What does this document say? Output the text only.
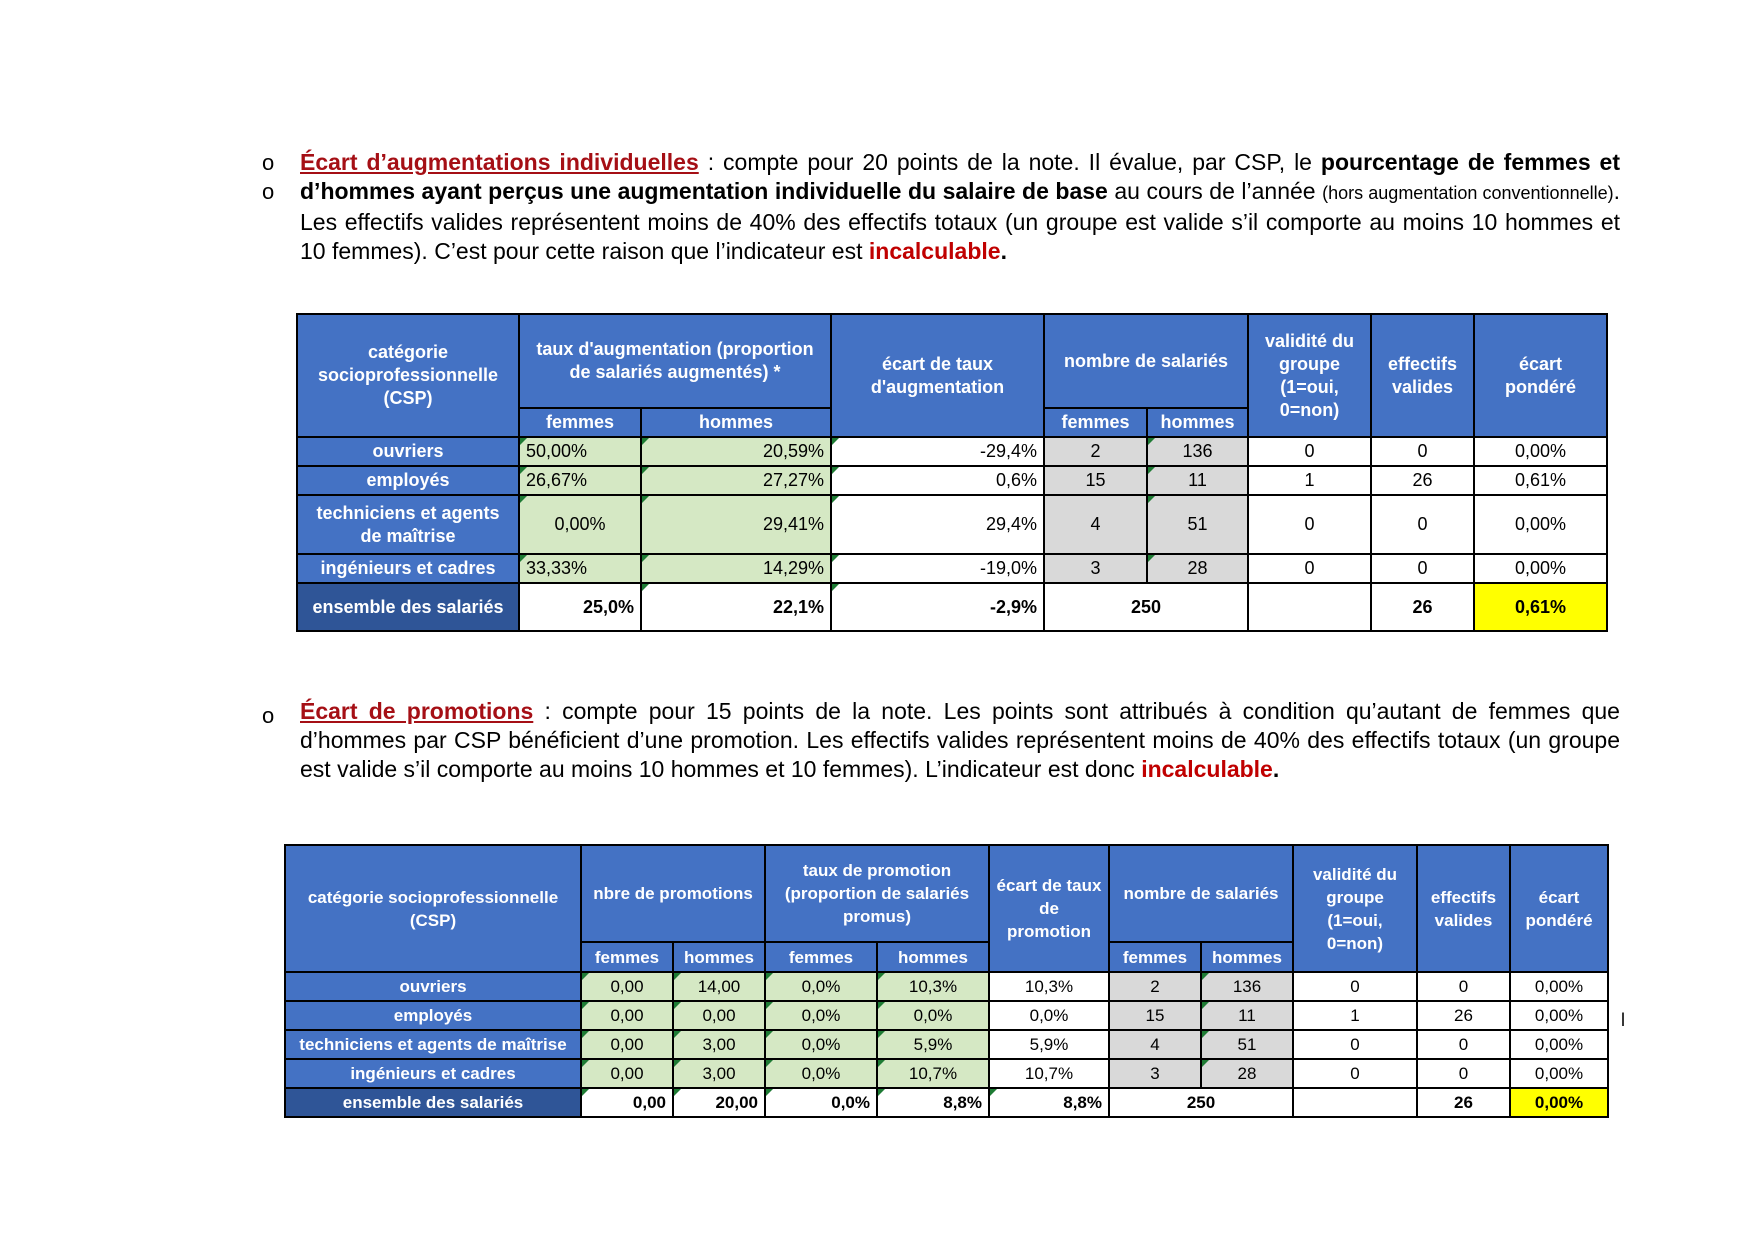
o
o
Écart d’augmentations individuelles : compte pour 20 points de la note. Il évalue, par CSP, le pourcentage de femmes et d’hommes ayant perçus une augmentation individuelle du salaire de base au cours de l’année (hors augmentation conventionnelle). Les effectifs valides représentent moins de 40% des effectifs totaux (un groupe est valide s’il comporte au moins 10 hommes et 10 femmes). C’est pour cette raison que l’indicateur est incalculable.
catégorie socioprofessionnelle (CSP)	taux d'augmentation (proportion de salariés augmentés) *		écart de taux d'augmentation	nombre de salariés		validité du groupe (1=oui, 0=non)	effectifs valides	écart pondéré
	femmes	hommes		femmes	hommes			
ouvriers	50,00%	20,59%	-29,4%	2	136	0	0	0,00%
employés	26,67%	27,27%	0,6%	15	11	1	26	0,61%
techniciens et agents de maîtrise	0,00%	29,41%	29,4%	4	51	0	0	0,00%
ingénieurs et cadres	33,33%	14,29%	-19,0%	3	28	0	0	0,00%
ensemble des salariés	25,0%	22,1%	-2,9%	250			26	0,61%
o Écart de promotions : compte pour 15 points de la note. Les points sont attribués à condition qu’autant de femmes que d’hommes par CSP bénéficient d’une promotion. Les effectifs valides représentent moins de 40% des effectifs totaux (un groupe est valide s’il comporte au moins 10 hommes et 10 femmes). L’indicateur est donc incalculable.
catégorie socioprofessionnelle (CSP)	nbre de promotions		taux de promotion (proportion de salariés promus)		écart de taux de promotion	nombre de salariés		validité du groupe (1=oui, 0=non)	effectifs valides	écart pondéré
	femmes	hommes	femmes	hommes		femmes	hommes			
ouvriers	0,00	14,00	0,0%	10,3%	10,3%	2	136	0	0	0,00%
employés	0,00	0,00	0,0%	0,0%	0,0%	15	11	1	26	0,00%
techniciens et agents de maîtrise	0,00	3,00	0,0%	5,9%	5,9%	4	51	0	0	0,00%
ingénieurs et cadres	0,00	3,00	0,0%	10,7%	10,7%	3	28	0	0	0,00%
ensemble des salariés	0,00	20,00	0,0%	8,8%	8,8%	250			26	0,00%
l
